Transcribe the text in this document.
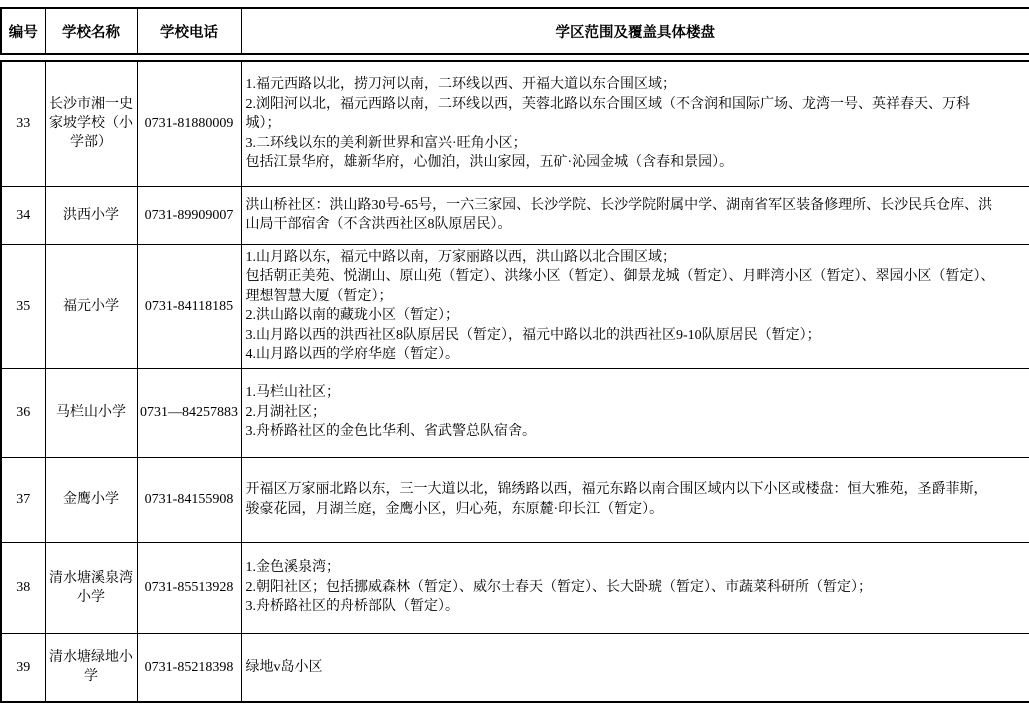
编号	学校名称	学校电话	学区范围及覆盖具体楼盘
33	长沙市湘一史家坡学校（小学部）	0731-81880009	1.福元西路以北，捞刀河以南，二环线以西、开福大道以东合围区域；
2.浏阳河以北，福元西路以南，二环线以西，芙蓉北路以东合围区域（不含润和国际广场、龙湾一号、英祥春天、万科城）；
3.二环线以东的美利新世界和富兴·旺角小区；
包括江景华府，雄新华府，心伽泊，洪山家园，五矿·沁园金城（含春和景园）。

34	洪西小学	0731-89909007	洪山桥社区：洪山路30号-65号，一六三家园、长沙学院、长沙学院附属中学、湖南省军区装备修理所、长沙民兵仓库、洪山局干部宿舍（不含洪西社区8队原居民）。

35	福元小学	0731-84118185	1.山月路以东，福元中路以南，万家丽路以西，洪山路以北合围区域；
包括朝正美苑、悦湖山、原山苑（暂定）、洪缘小区（暂定）、御景龙城（暂定）、月畔湾小区（暂定）、翠园小区（暂定）、理想智慧大厦（暂定）；
2.洪山路以南的藏珑小区（暂定）；
3.山月路以西的洪西社区8队原居民（暂定），福元中路以北的洪西社区9-10队原居民（暂定）；
4.山月路以西的学府华庭（暂定）。

36	马栏山小学	0731—84257883	1.马栏山社区；
2.月湖社区；
3.舟桥路社区的金色比华利、省武警总队宿舍。

37	金鹰小学	0731-84155908	开福区万家丽北路以东，三一大道以北，锦绣路以西，福元东路以南合围区域内以下小区或楼盘：恒大雅苑，圣爵菲斯，骏豪花园，月湖兰庭，金鹰小区，归心苑，东原麓·印长江（暂定）。

38	清水塘溪泉湾小学	0731-85513928	1.金色溪泉湾；
2.朝阳社区；包括挪威森林（暂定）、威尔士春天（暂定）、长大卧琥（暂定）、市蔬菜科研所（暂定）；
3.舟桥路社区的舟桥部队（暂定）。

39	清水塘绿地小学	0731-85218398	绿地v岛小区
